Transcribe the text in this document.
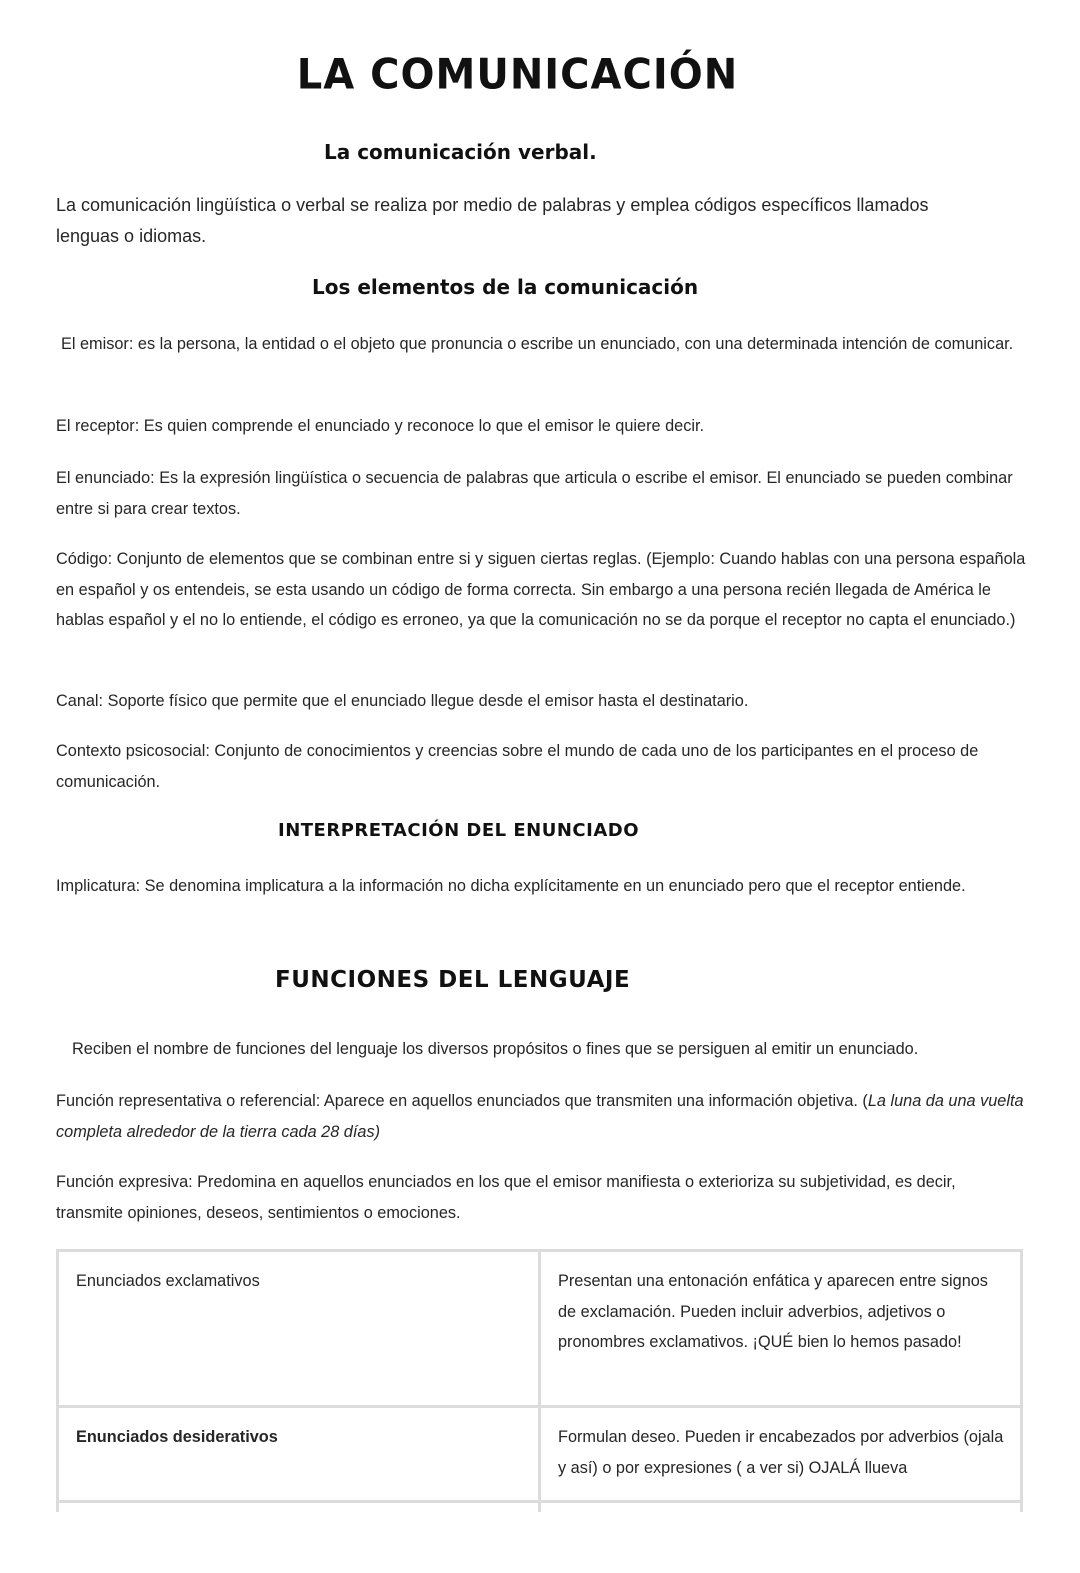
LA COMUNICACIÓN
La comunicación verbal.
La comunicación lingüística o verbal se realiza por medio de palabras y emplea códigos específicos llamados lenguas o idiomas.
Los elementos de la comunicación
El emisor: es la persona, la entidad o el objeto que pronuncia o escribe un enunciado, con una determinada intención de comunicar.
El receptor: Es quien comprende el enunciado y reconoce lo que el emisor le quiere decir.
El enunciado: Es la expresión lingüística o secuencia de palabras que articula o escribe el emisor. El enunciado se pueden combinar entre si para crear textos.
Código: Conjunto de elementos que se combinan entre si y siguen ciertas reglas. (Ejemplo: Cuando hablas con una persona española en español y os entendeis, se esta usando un código de forma correcta. Sin embargo a una persona recién llegada de América le hablas español y el no lo entiende, el código es erroneo, ya que la comunicación no se da porque el receptor no capta el enunciado.)
Canal: Soporte físico que permite que el enunciado llegue desde el emisor hasta el destinatario.
Contexto psicosocial: Conjunto de conocimientos y creencias sobre el mundo de cada uno de los participantes en el proceso de comunicación.
INTERPRETACIÓN DEL ENUNCIADO
Implicatura: Se denomina implicatura a la información no dicha explícitamente en un enunciado pero que el receptor entiende.
FUNCIONES DEL LENGUAJE
Reciben el nombre de funciones del lenguaje los diversos propósitos o fines que se persiguen al emitir un enunciado.
Función representativa o referencial: Aparece en aquellos enunciados que transmiten una información objetiva. (La luna da una vuelta completa alrededor de la tierra cada 28 días)
Función expresiva: Predomina en aquellos enunciados en los que el emisor manifiesta o exterioriza su subjetividad, es decir, transmite opiniones, deseos, sentimientos o emociones.
Enunciados exclamativos	Presentan una entonación enfática y aparecen entre signos de exclamación. Pueden incluir adverbios, adjetivos o pronombres exclamativos. ¡QUÉ bien lo hemos pasado!
Enunciados desiderativos	Formulan deseo. Pueden ir encabezados por adverbios (ojala y así) o por expresiones ( a ver si) OJALÁ llueva
